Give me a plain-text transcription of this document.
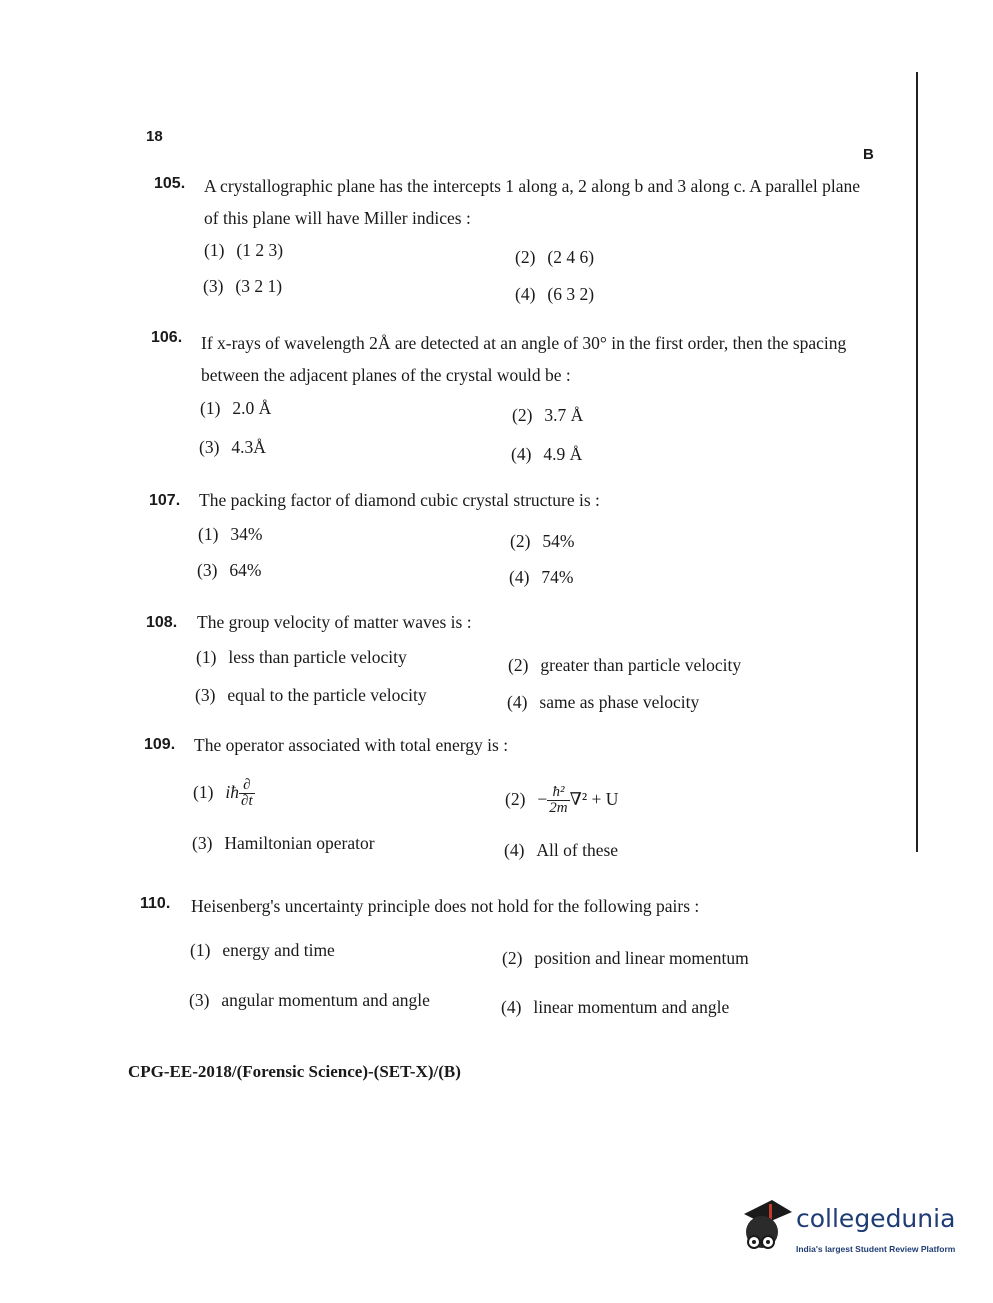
18
B
105. A crystallographic plane has the intercepts 1 along a, 2 along b and 3 along c. A parallel plane of this plane will have Miller indices :
(1) (1 2 3)	(2) (2 4 6)
(3) (3 2 1)	(4) (6 3 2)
106. If x-rays of wavelength 2Å are detected at an angle of 30° in the first order, then the spacing between the adjacent planes of the crystal would be :
(1) 2.0 Å	(2) 3.7 Å
(3) 4.3Å	(4) 4.9 Å
107. The packing factor of diamond cubic crystal structure is :
(1) 34%	(2) 54%
(3) 64%	(4) 74%
108. The group velocity of matter waves is :
(1) less than particle velocity	(2) greater than particle velocity
(3) equal to the particle velocity	(4) same as phase velocity
109. The operator associated with total energy is :
(1) iħ $\frac{\partial}{\partial t}$	$(2) - \frac{\text{ħ²}}{2m} \nabla^2 + U$
(3) Hamiltonian operator	(4) All of these
110. Heisenberg's uncertainty principle does not hold for the following pairs :
(1) energy and time	(2) position and linear momentum
(3) angular momentum and angle	(4) linear momentum and angle
CPG-EE-2018/(Forensic Science)-(SET-X)/(B)
collegedunia
India's largest Student Review Platform
